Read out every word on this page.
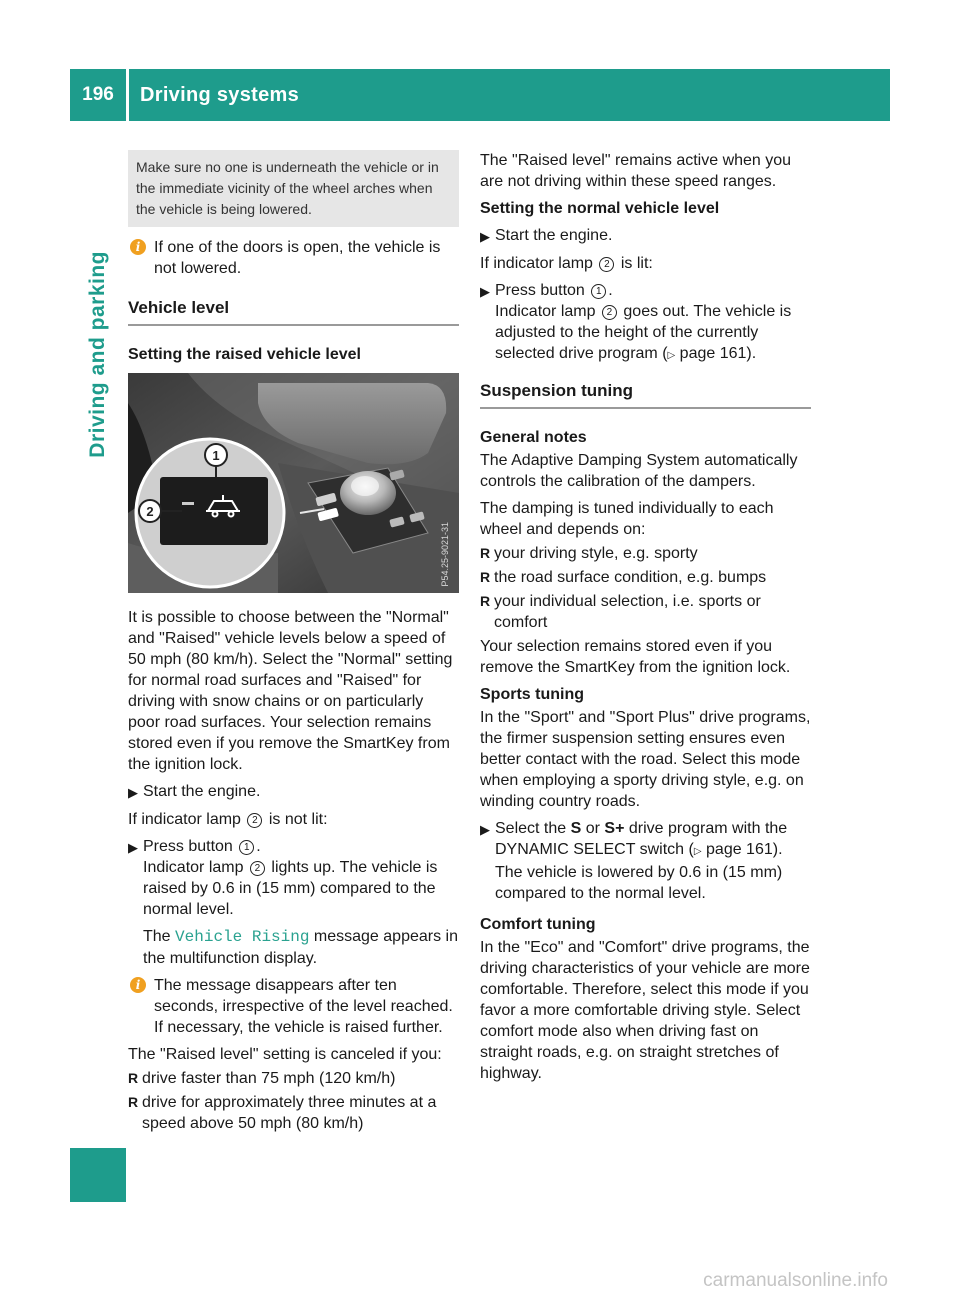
196	Driving systems
Driving and parking
Make sure no one is underneath the vehicle or in the immediate vicinity of the wheel arches when the vehicle is being lowered.
i If one of the doors is open, the vehicle is not lowered.
Vehicle level
Setting the raised vehicle level
1
2
P54.25-9021-31
It is possible to choose between the "Normal" and "Raised" vehicle levels below a speed of 50 mph (80 km/h). Select the "Normal" setting for normal road surfaces and "Raised" for driving with snow chains or on particularly poor road surfaces. Your selection remains stored even if you remove the SmartKey from the ignition lock.
▶ Start the engine.
If indicator lamp 2 is not lit:
▶ Press button 1 .
Indicator lamp 2 lights up. The vehicle is raised by 0.6 in (15 mm) compared to the normal level.
The Vehicle Rising message appears in the multifunction display.
i The message disappears after ten seconds, irrespective of the level reached. If necessary, the vehicle is raised further.
The "Raised level" setting is canceled if you:
R drive faster than 75 mph (120 km/h)
R drive for approximately three minutes at a speed above 50 mph (80 km/h)
The "Raised level" remains active when you are not driving within these speed ranges.
Setting the normal vehicle level
▶ Start the engine.
If indicator lamp 2 is lit:
▶ Press button 1 .
Indicator lamp 2 goes out. The vehicle is adjusted to the height of the currently selected drive program (▷ page 161).
Suspension tuning
General notes
The Adaptive Damping System automatically controls the calibration of the dampers.
The damping is tuned individually to each wheel and depends on:
R your driving style, e.g. sporty
R the road surface condition, e.g. bumps
R your individual selection, i.e. sports or comfort
Your selection remains stored even if you remove the SmartKey from the ignition lock.
Sports tuning
In the "Sport" and "Sport Plus" drive programs, the firmer suspension setting ensures even better contact with the road. Select this mode when employing a sporty driving style, e.g. on winding country roads.
▶ Select the S or S+ drive program with the DYNAMIC SELECT switch (▷ page 161).
The vehicle is lowered by 0.6 in (15 mm) compared to the normal level.
Comfort tuning
In the "Eco" and "Comfort" drive programs, the driving characteristics of your vehicle are more comfortable. Therefore, select this mode if you favor a more comfortable driving style. Select comfort mode also when driving fast on straight roads, e.g. on straight stretches of highway.
carmanualsonline.info
